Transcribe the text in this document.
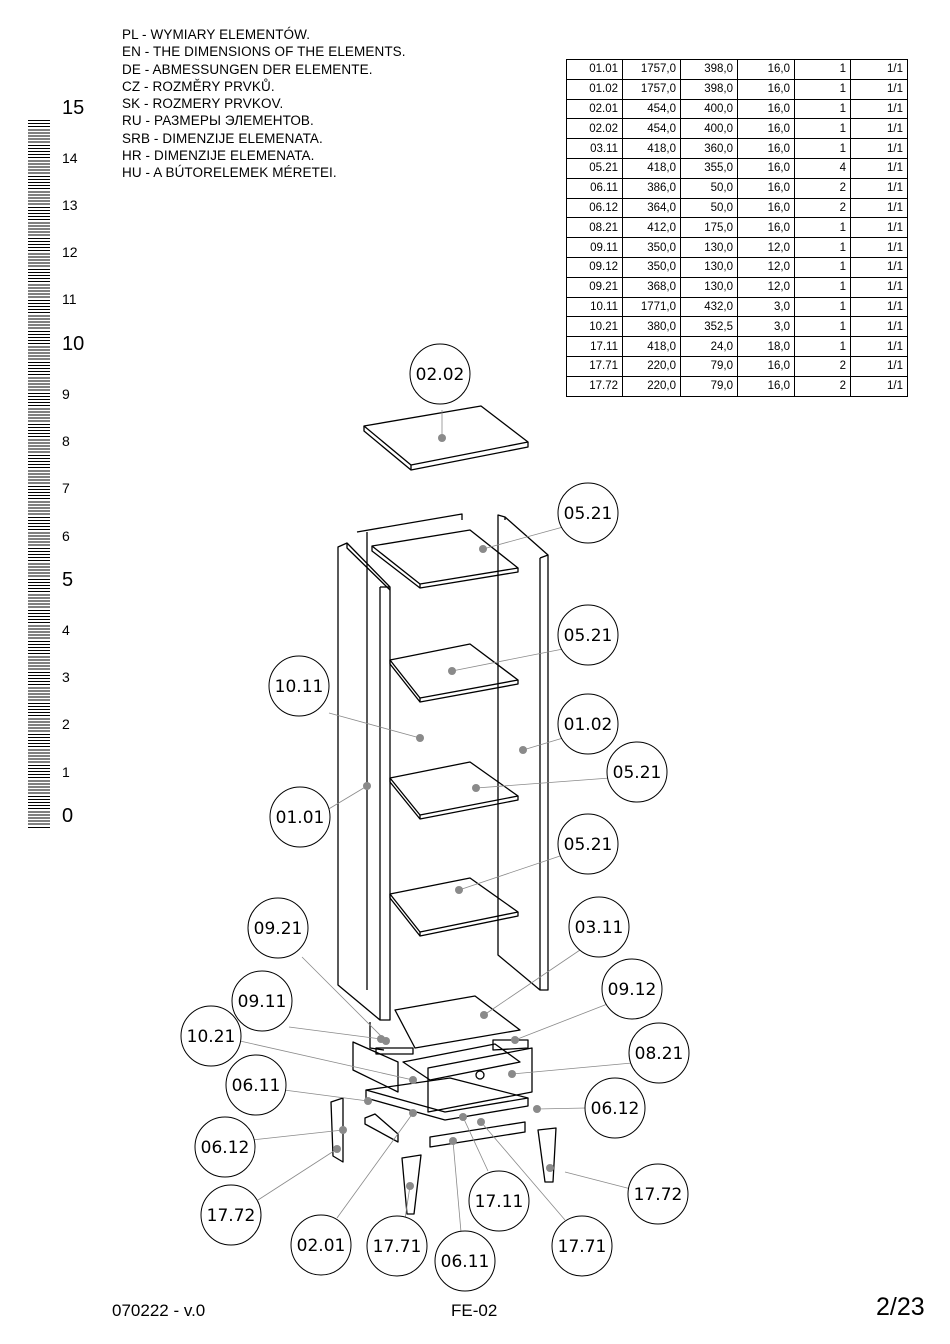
15
14
13
12
11
10
9
8
7
6
5
4
3
2
1
0
PL - WYMIARY ELEMENTÓW.
EN - THE DIMENSIONS OF THE ELEMENTS.
DE - ABMESSUNGEN DER ELEMENTE.
CZ - ROZMĚRY PRVKŮ.
SK - ROZMERY PRVKOV.
RU - РАЗМЕРЫ ЭЛЕМЕНТОВ.
SRB - DIMENZIJE ELEMENATA.
HR - DIMENZIJE ELEMENATA.
HU - A BÚTORELEMEK MÉRETEI.
01.01	1757,0	398,0	16,0	1	1/1
01.02	1757,0	398,0	16,0	1	1/1
02.01	454,0	400,0	16,0	1	1/1
02.02	454,0	400,0	16,0	1	1/1
03.11	418,0	360,0	16,0	1	1/1
05.21	418,0	355,0	16,0	4	1/1
06.11	386,0	50,0	16,0	2	1/1
06.12	364,0	50,0	16,0	2	1/1
08.21	412,0	175,0	16,0	1	1/1
09.11	350,0	130,0	12,0	1	1/1
09.12	350,0	130,0	12,0	1	1/1
09.21	368,0	130,0	12,0	1	1/1
10.11	1771,0	432,0	3,0	1	1/1
10.21	380,0	352,5	3,0	1	1/1
17.11	418,0	24,0	18,0	1	1/1
17.71	220,0	79,0	16,0	2	1/1
17.72	220,0	79,0	16,0	2	1/1
02.02
05.21
05.21
10.11
01.02
05.21
01.01
05.21
09.21	03.11
09.12
09.11
10.21
08.21
06.11
06.12
06.12
17.72
17.72
02.01 17.71
17.11
17.71
06.11
070222 - v.0	FE-02	2/23
